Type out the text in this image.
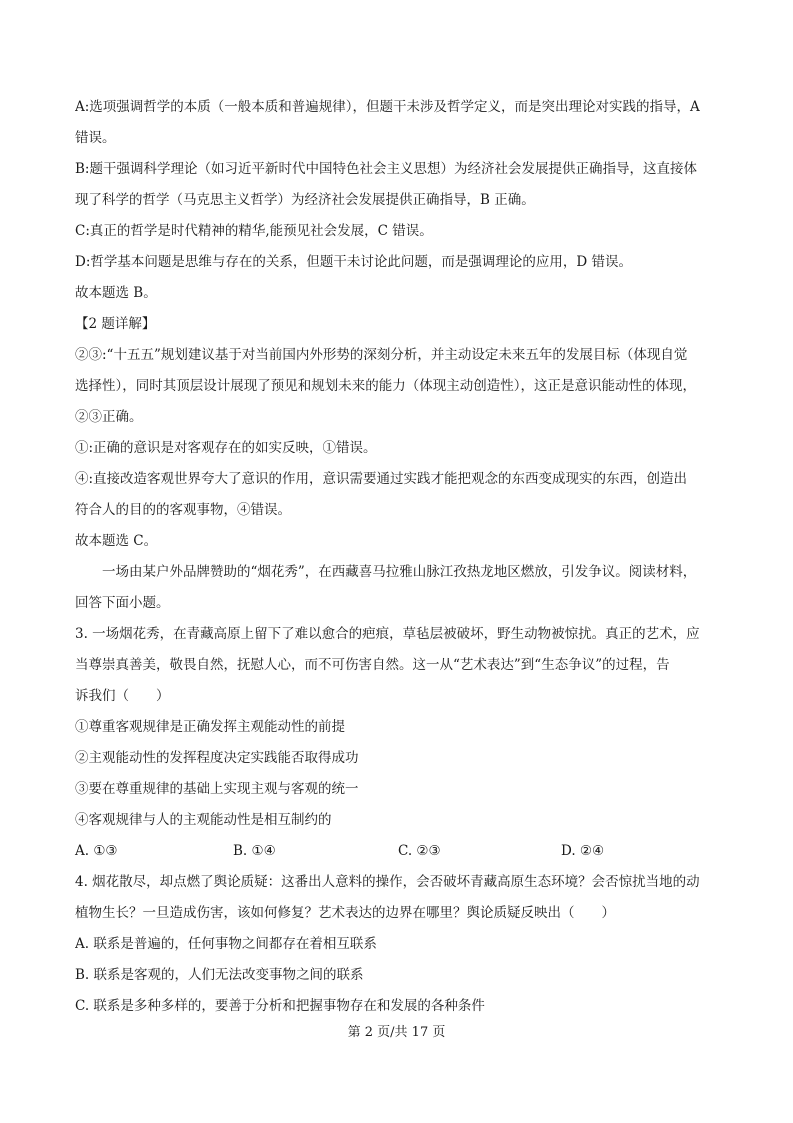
A:选项强调哲学的本质（一般本质和普遍规律），但题干未涉及哲学定义，而是突出理论对实践的指导，A
错误。
B:题干强调科学理论（如习近平新时代中国特色社会主义思想）为经济社会发展提供正确指导，这直接体
现了科学的哲学（马克思主义哲学）为经济社会发展提供正确指导，B 正确。
C:真正的哲学是时代精神的精华,能预见社会发展，C 错误。
D:哲学基本问题是思维与存在的关系，但题干未讨论此问题，而是强调理论的应用，D 错误。
故本题选 B。
【2 题详解】
②③:“十五五”规划建议基于对当前国内外形势的深刻分析，并主动设定未来五年的发展目标（体现自觉
选择性），同时其顶层设计展现了预见和规划未来的能力（体现主动创造性），这正是意识能动性的体现，
②③正确。
①:正确的意识是对客观存在的如实反映，①错误。
④:直接改造客观世界夸大了意识的作用，意识需要通过实践才能把观念的东西变成现实的东西，创造出
符合人的目的的客观事物，④错误。
故本题选 C。
一场由某户外品牌赞助的“烟花秀”，在西藏喜马拉雅山脉江孜热龙地区燃放，引发争议。阅读材料，
回答下面小题。
3. 一场烟花秀，在青藏高原上留下了难以愈合的疤痕，草毡层被破坏，野生动物被惊扰。真正的艺术，应
当尊崇真善美，敬畏自然，抚慰人心，而不可伤害自然。这一从“艺术表达”到“生态争议”的过程，告
诉我们（　　）
①尊重客观规律是正确发挥主观能动性的前提
②主观能动性的发挥程度决定实践能否取得成功
③要在尊重规律的基础上实现主观与客观的统一
④客观规律与人的主观能动性是相互制约的
A. ①③	B. ①④	C. ②③	D. ②④
4. 烟花散尽，却点燃了舆论质疑：这番出人意料的操作，会否破坏青藏高原生态环境？会否惊扰当地的动
植物生长？一旦造成伤害，该如何修复？艺术表达的边界在哪里？舆论质疑反映出（　　）
A. 联系是普遍的，任何事物之间都存在着相互联系
B. 联系是客观的，人们无法改变事物之间的联系
C. 联系是多种多样的，要善于分析和把握事物存在和发展的各种条件
第 2 页/共 17 页
